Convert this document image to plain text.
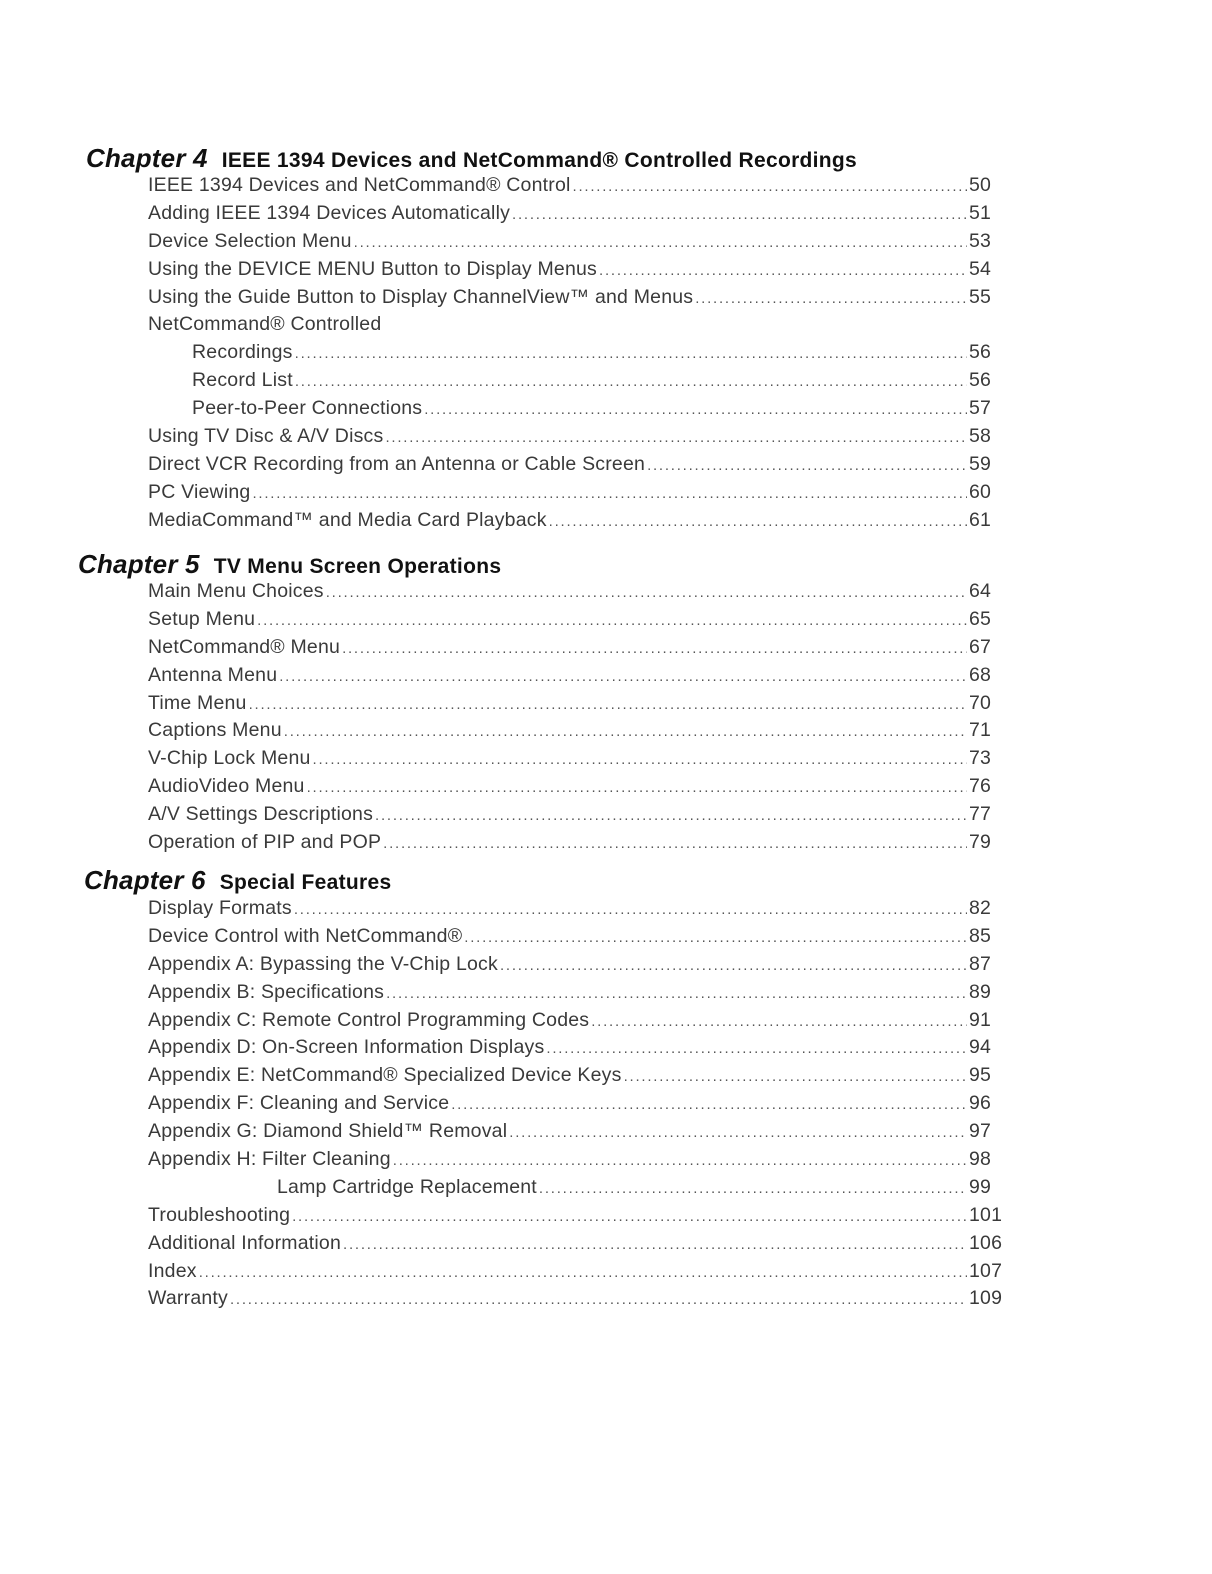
Chapter 4 IEEE 1394 Devices and NetCommand® Controlled Recordings
IEEE 1394 Devices and NetCommand® Control . . .	50
Adding IEEE 1394 Devices Automatically . . .	51
Device Selection Menu . . .	53
Using the DEVICE MENU Button to Display Menus . . .	54
Using the Guide Button to Display ChannelView™ and Menus . . .	55
NetCommand® Controlled
Recordings . . .	56
Record List . . .	56
Peer-to-Peer Connections . . .	57
Using TV Disc & A/V Discs . . .	58
Direct VCR Recording from an Antenna or Cable Screen . . .	59
PC Viewing . . .	60
MediaCommand™ and Media Card Playback . . .	61
Chapter 5 TV Menu Screen Operations
Main Menu Choices . . .	64
Setup Menu . . .	65
NetCommand® Menu . . .	67
Antenna Menu . . .	68
Time Menu . . .	70
Captions Menu . . .	71
V-Chip Lock Menu . . .	73
AudioVideo Menu . . .	76
A/V Settings Descriptions . . .	77
Operation of PIP and POP . . .	79
Chapter 6 Special Features
Display Formats . . .	82
Device Control with NetCommand® . . .	85
Appendix A: Bypassing the V-Chip Lock . . .	87
Appendix B: Specifications . . .	89
Appendix C: Remote Control Programming Codes . . .	91
Appendix D: On-Screen Information Displays . . .	94
Appendix E: NetCommand® Specialized Device Keys . . .	95
Appendix F: Cleaning and Service . . .	96
Appendix G: Diamond Shield™ Removal . . .	97
Appendix H: Filter Cleaning . . .	98
Lamp Cartridge Replacement . . .	99
Troubleshooting . . .	101
Additional Information . . .	106
Index . . .	107
Warranty . . .	109
